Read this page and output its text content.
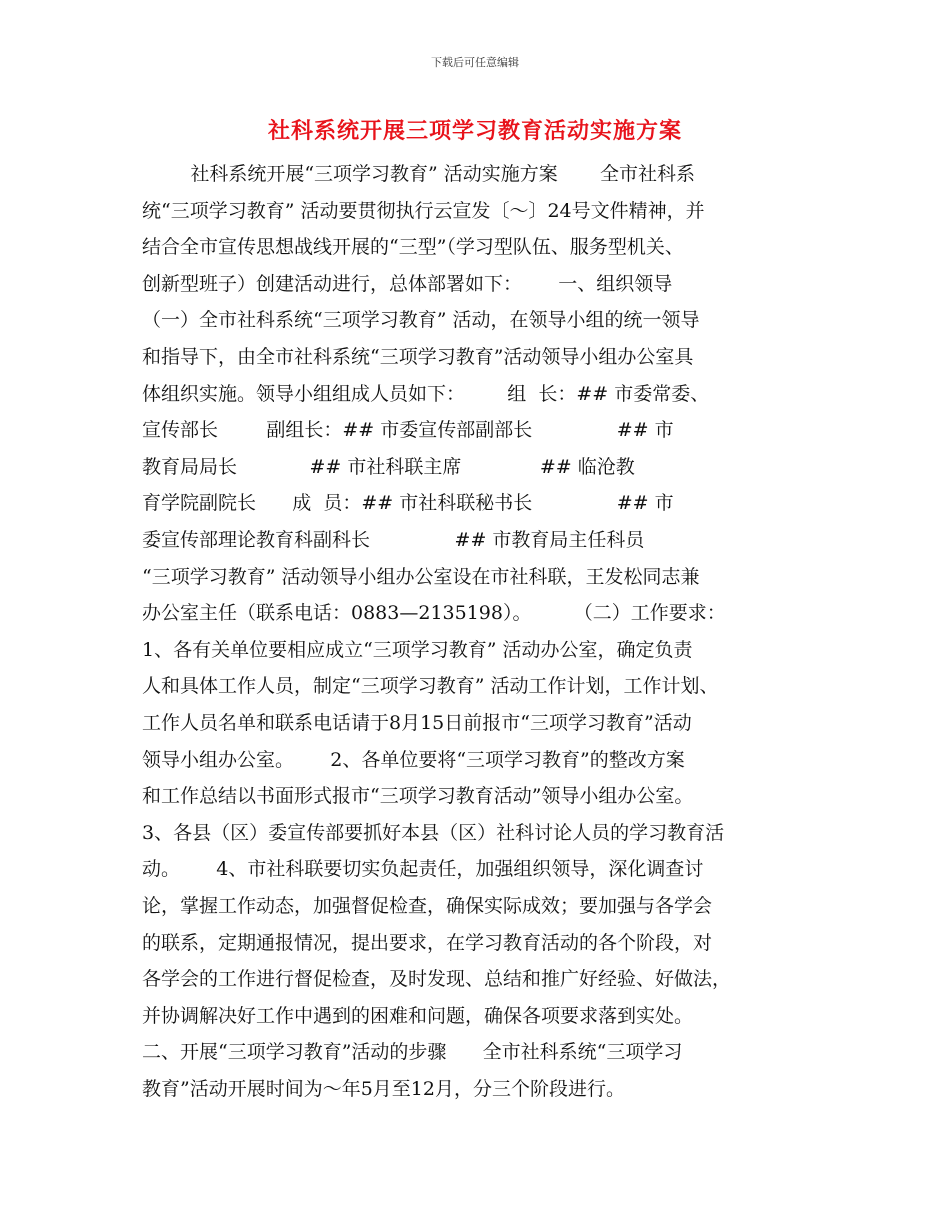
下载后可任意编辑
社科系统开展三项学习教育活动实施方案
社科系统开展“三项学习教育” 活动实施方案       全市社科系
统“三项学习教育” 活动要贯彻执行云宣发〔～〕24号文件精神，并
结合全市宣传思想战线开展的“三型”（学习型队伍、服务型机关、
创新型班子）创建活动进行，总体部署如下：      一、组织领导
（一）全市社科系统“三项学习教育” 活动，在领导小组的统一领导
和指导下，由全市社科系统“三项学习教育”活动领导小组办公室具
体组织实施。领导小组组成人员如下：       组  长：## 市委常委、
宣传部长        副组长：## 市委宣传部副部长              ## 市
教育局局长            ## 市社科联主席             ## 临沧教
育学院副院长      成  员：## 市社科联秘书长              ## 市
委宣传部理论教育科副科长              ## 市教育局主任科员
“三项学习教育” 活动领导小组办公室设在市社科联，王发松同志兼
办公室主任（联系电话：0883—2135198）。       （二）工作要求：
1、各有关单位要相应成立“三项学习教育” 活动办公室，确定负责
人和具体工作人员，制定“三项学习教育” 活动工作计划，工作计划、
工作人员名单和联系电话请于8月15日前报市“三项学习教育”活动
领导小组办公室。      2、各单位要将“三项学习教育”的整改方案
和工作总结以书面形式报市“三项学习教育活动”领导小组办公室。
3、各县（区）委宣传部要抓好本县（区）社科讨论人员的学习教育活
动。      4、市社科联要切实负起责任，加强组织领导，深化调查讨
论，掌握工作动态，加强督促检查，确保实际成效；要加强与各学会
的联系，定期通报情况，提出要求，在学习教育活动的各个阶段，对
各学会的工作进行督促检查，及时发现、总结和推广好经验、好做法，
并协调解决好工作中遇到的困难和问题，确保各项要求落到实处。
二、开展“三项学习教育”活动的步骤      全市社科系统“三项学习
教育”活动开展时间为～年5月至12月，分三个阶段进行。
